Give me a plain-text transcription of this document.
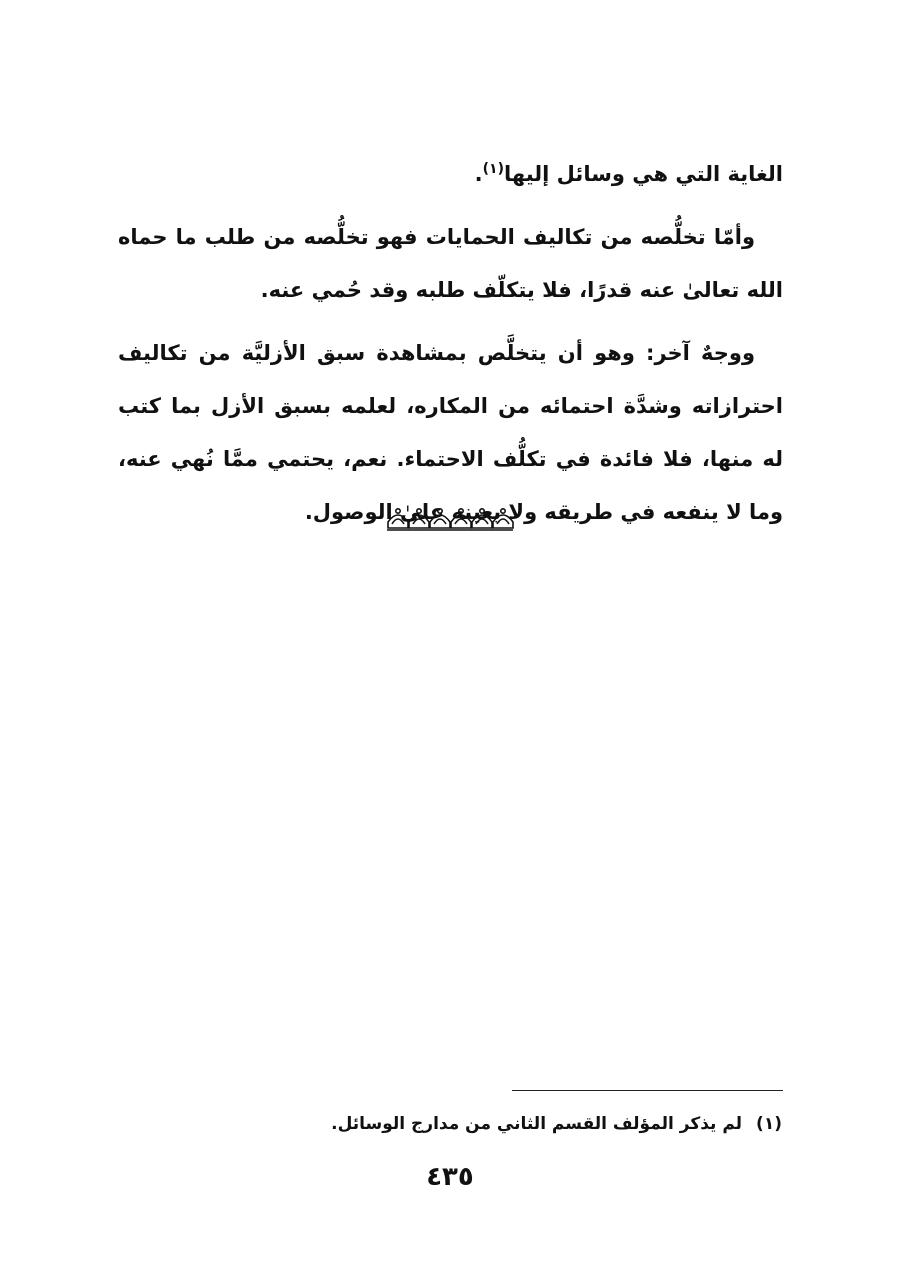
الغاية التي هي وسائل إليها$^{(١)}$.

وأمّا تخلُّصه من تكاليف الحمايات فهو تخلُّصه من طلب ما حماه الله تعالىٰ عنه قدرًا، فلا يتكلّف طلبه وقد حُمي عنه.

ووجهٌ آخر: وهو أن يتخلَّص بمشاهدة سبق الأزليَّة من تكاليف احترازاته وشدَّة احتمائه من المكاره، لعلمه بسبق الأزل بما كتب له منها، فلا فائدة في تكلُّف الاحتماء. نعم، يحتمي ممَّا نُهي عنه، وما لا ينفعه في طريقه ولا يعينه علىٰ الوصول.

(١)لم يذكر المؤلف القسم الثاني من مدارج الوسائل.
٤٣٥
